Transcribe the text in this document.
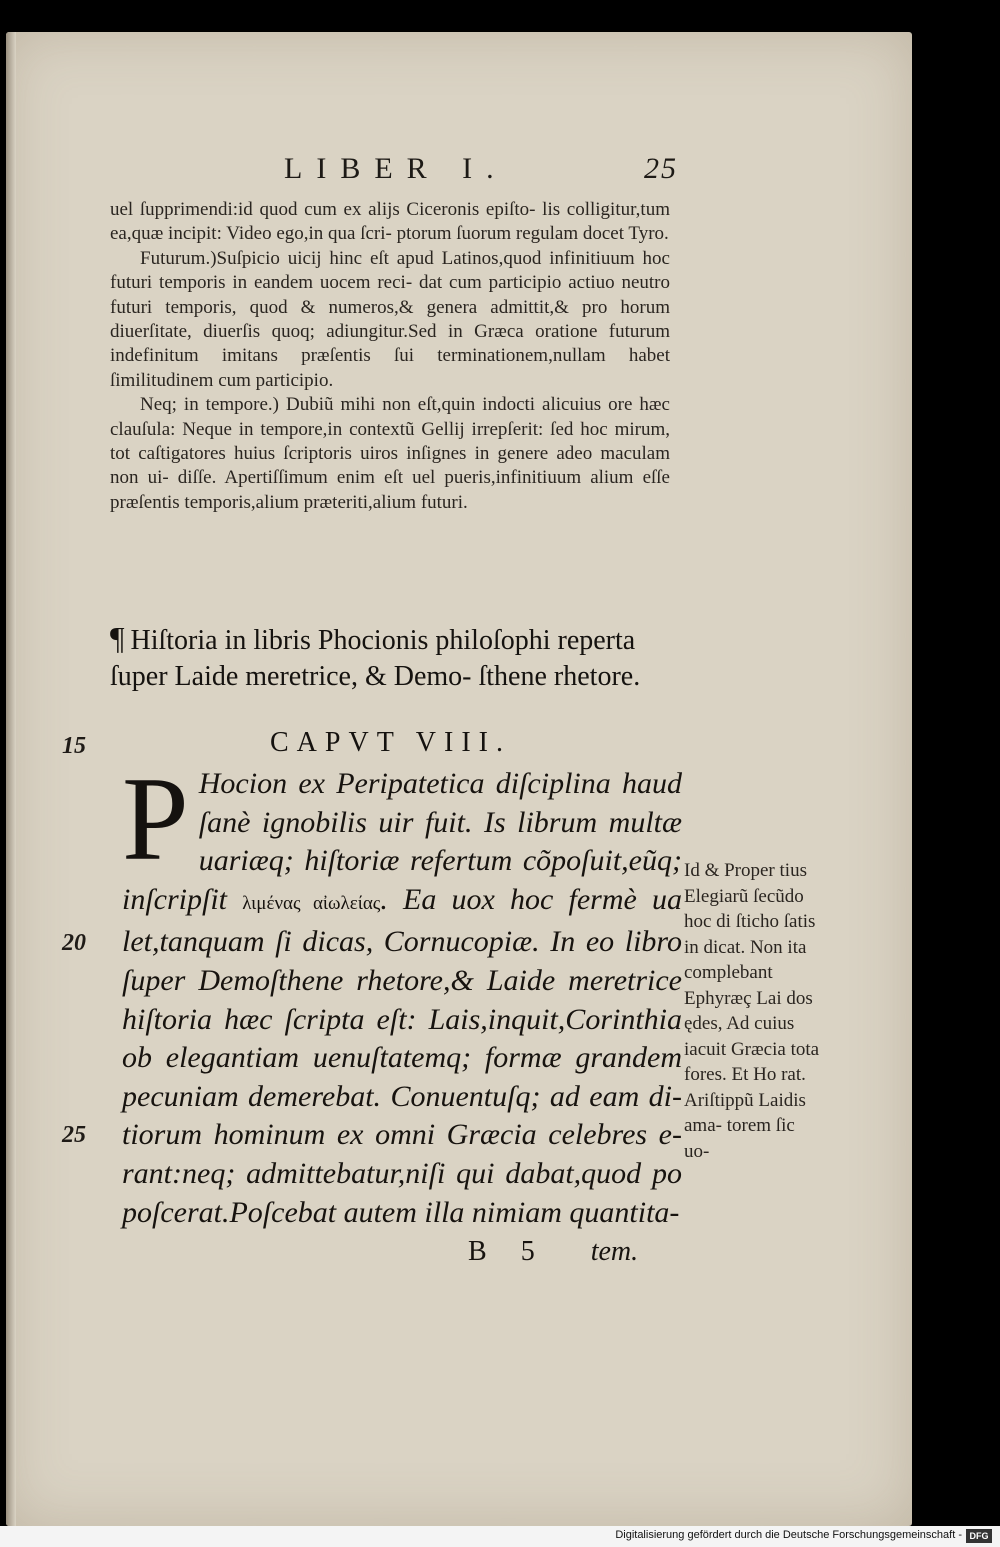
LIBER I.	25

uel ſupprimendi:id quod cum ex alijs Ciceronis epiſto- lis colligitur,tum ea,quæ incipit: Video ego,in qua ſcri- ptorum ſuorum regulam docet Tyro.

Futurum.)Suſpicio uicij hinc eſt apud Latinos,quod infinitiuum hoc futuri temporis in eandem uocem reci- dat cum participio actiuo neutro futuri temporis, quod & numeros,& genera admittit,& pro horum diuerſitate, diuerſis quoq; adiungitur.Sed in Græca oratione futurum indefinitum imitans præſentis ſui terminationem,nullam habet ſimilitudinem cum participio.

Neq; in tempore.) Dubiũ mihi non eſt,quin indocti alicuius ore hæc clauſula: Neque in tempore,in contextũ Gellij irrepſerit: ſed hoc mirum, tot caſtigatores huius ſcriptoris uiros inſignes in genere adeo maculam non ui- diſſe. Apertiſſimum enim eſt uel pueris,infinitiuum alium eſſe præſentis temporis,alium præteriti,alium futuri.

¶ Hiſtoria in libris Phocionis philoſophi reperta ſuper Laide meretrice, & Demo- ſthene rhetore.
CAPVT VIII.
15
20
25
P Hocion ex Peripatetica diſciplina haud ſanè ignobilis uir fuit. Is librum multæ uariæq; hiſtoriæ refertum cõpoſuit,eũq; inſcripſit λιμένας αἰωλείας. Ea uox hoc fermè ua let,tanquam ſi dicas, Cornucopiæ. In eo libro ſuper Demoſthene rhetore,& Laide meretrice hiſtoria hæc ſcripta eſt: Lais,inquit,Corinthia ob elegantiam uenuſtatemq; formæ grandem pecuniam demerebat. Conuentuſq; ad eam di- tiorum hominum ex omni Græcia celebres e- rant:neq; admittebatur,niſi qui dabat,quod po poſcerat.Poſcebat autem illa nimiam quantita-
Id & Proper tius Elegiarũ ſecũdo hoc di ſticho ſatis in dicat. Non ita complebant Ephyræç Lai dos ędes, Ad cuius iacuit Græcia tota fores. Et Ho rat. Ariſtippũ Laidis ama- torem ſic uo-
B 5 tem.
Digitalisierung gefördert durch die Deutsche Forschungsgemeinschaft - DFG
